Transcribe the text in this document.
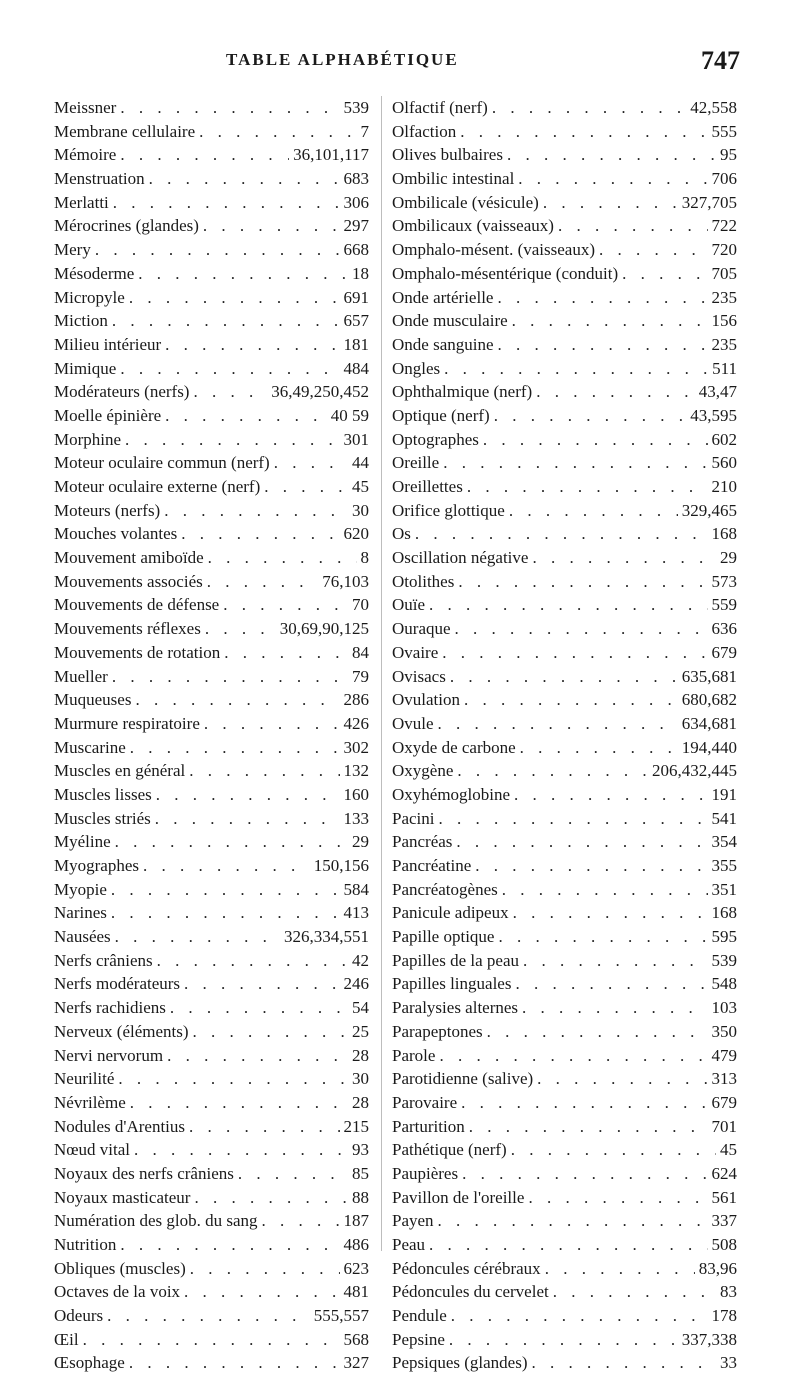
TABLE ALPHABÉTIQUE	747
Meissner . . .	539
Membrane cellulaire . . .	7
Mémoire . . .	36,101,117
Menstruation . . .	683
Merlatti . . .	306
Mérocrines (glandes) . . .	297
Mery . . .	668
Mésoderme . . .	18
Micropyle . . .	691
Miction . . .	657
Milieu intérieur . . .	181
Mimique . . .	484
Modérateurs (nerfs) . . .	36,49,250,452
Moelle épinière . . .	40 59
Morphine . . .	301
Moteur oculaire commun (nerf) . . .	44
Moteur oculaire externe (nerf) . . .	45
Moteurs (nerfs) . . .	30
Mouches volantes . . .	620
Mouvement amiboïde . . .	8
Mouvements associés . . .	76,103
Mouvements de défense . . .	70
Mouvements réflexes . . .	30,69,90,125
Mouvements de rotation . . .	84
Mueller . . .	79
Muqueuses . . .	286
Murmure respiratoire . . .	426
Muscarine . . .	302
Muscles en général . . .	132
Muscles lisses . . .	160
Muscles striés . . .	133
Myéline . . .	29
Myographes . . .	150,156
Myopie . . .	584
Narines . . .	413
Nausées . . .	326,334,551
Nerfs crâniens . . .	42
Nerfs modérateurs . . .	246
Nerfs rachidiens . . .	54
Nerveux (éléments) . . .	25
Nervi nervorum . . .	28
Neurilité . . .	30
Névrilème . . .	28
Nodules d'Arentius . . .	215
Nœud vital . . .	93
Noyaux des nerfs crâniens . . .	85
Noyaux masticateur . . .	88
Numération des glob. du sang . . .	187
Nutrition . . .	486
Obliques (muscles) . . .	623
Octaves de la voix . . .	481
Odeurs . . .	555,557
Œil . . .	568
Œsophage . . .	327
Olfactif (nerf) . . .	42,558
Olfaction . . .	555
Olives bulbaires . . .	95
Ombilic intestinal . . .	706
Ombilicale (vésicule) . . .	327,705
Ombilicaux (vaisseaux) . . .	722
Omphalo-mésent. (vaisseaux) . . .	720
Omphalo-mésentérique (conduit) . . .	705
Onde artérielle . . .	235
Onde musculaire . . .	156
Onde sanguine . . .	235
Ongles . . .	511
Ophthalmique (nerf) . . .	43,47
Optique (nerf) . . .	43,595
Optographes . . .	602
Oreille . . .	560
Oreillettes . . .	210
Orifice glottique . . .	329,465
Os . . .	168
Oscillation négative . . .	29
Otolithes . . .	573
Ouïe . . .	559
Ouraque . . .	636
Ovaire . . .	679
Ovisacs . . .	635,681
Ovulation . . .	680,682
Ovule . . .	634,681
Oxyde de carbone . . .	194,440
Oxygène . . .	206,432,445
Oxyhémoglobine . . .	191
Pacini . . .	541
Pancréas . . .	354
Pancréatine . . .	355
Pancréatogènes . . .	351
Panicule adipeux . . .	168
Papille optique . . .	595
Papilles de la peau . . .	539
Papilles linguales . . .	548
Paralysies alternes . . .	103
Parapeptones . . .	350
Parole . . .	479
Parotidienne (salive) . . .	313
Parovaire . . .	679
Parturition . . .	701
Pathétique (nerf) . . .	45
Paupières . . .	624
Pavillon de l'oreille . . .	561
Payen . . .	337
Peau . . .	508
Pédoncules cérébraux . . .	83,96
Pédoncules du cervelet . . .	83
Pendule . . .	178
Pepsine . . .	337,338
Pepsiques (glandes) . . .	33
